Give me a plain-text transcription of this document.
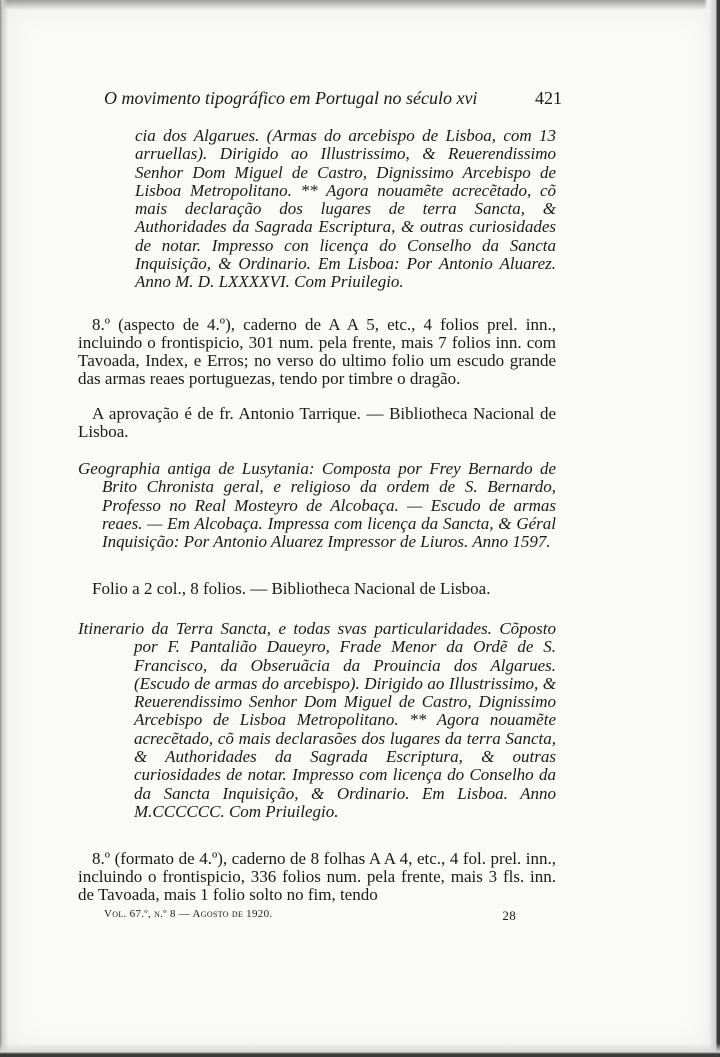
O movimento tipográfico em Portugal no século xvi	421

cia dos Algarues. (Armas do arcebispo de Lisboa, com 13 arruellas). Dirigido ao Illustrissimo, & Reuerendissimo Senhor Dom Miguel de Castro, Dignissimo Arcebispo de Lisboa Metropolitano. ** Agora nouamẽte acrecẽtado, cõ mais declaração dos lugares de terra Sancta, & Authoridades da Sagrada Escriptura, & outras curiosidades de notar. Impresso con licença do Conselho da Sancta Inquisição, & Ordinario. Em Lisboa: Por Antonio Aluarez. Anno M. D. LXXXXVI. Com Priuilegio.

8.º (aspecto de 4.º), caderno de A A 5, etc., 4 folios prel. inn., incluindo o frontispicio, 301 num. pela frente, mais 7 folios inn. com Tavoada, Index, e Erros; no verso do ultimo folio um escudo grande das armas reaes portuguezas, tendo por timbre o dragão.

A aprovação é de fr. Antonio Tarrique. — Bibliotheca Nacional de Lisboa.

Geographia antiga de Lusytania: Composta por Frey Bernardo de Brito Chronista geral, e religioso da ordem de S. Bernardo, Professo no Real Mosteyro de Alcobaça. — Escudo de armas reaes. — Em Alcobaça. Impressa com licença da Sancta, & Géral Inquisição: Por Antonio Aluarez Impressor de Liuros. Anno 1597.

Folio a 2 col., 8 folios. — Bibliotheca Nacional de Lisboa.

Itinerario da Terra Sancta, e todas svas particularidades. Cõposto por F. Pantalião Daueyro, Frade Menor da Ordẽ de S. Francisco, da Obseruãcia da Prouincia dos Algarues. (Escudo de armas do arcebispo). Dirigido ao Illustrissimo, & Reuerendissimo Senhor Dom Miguel de Castro, Dignissimo Arcebispo de Lisboa Metropolitano. ** Agora nouamẽte acrecẽtado, cõ mais declarasões dos lugares da terra Sancta, & Authoridades da Sagrada Escriptura, & outras curiosidades de notar. Impresso com licença do Conselho da da Sancta Inquisição, & Ordinario. Em Lisboa. Anno M.CCCCCC. Com Priuilegio.

8.º (formato de 4.º), caderno de 8 folhas A A 4, etc., 4 fol. prel. inn., incluindo o frontispicio, 336 folios num. pela frente, mais 3 fls. inn. de Tavoada, mais 1 folio solto no fim, tendo

Vol. 67.º, n.º 8 — Agosto de 1920.	28
